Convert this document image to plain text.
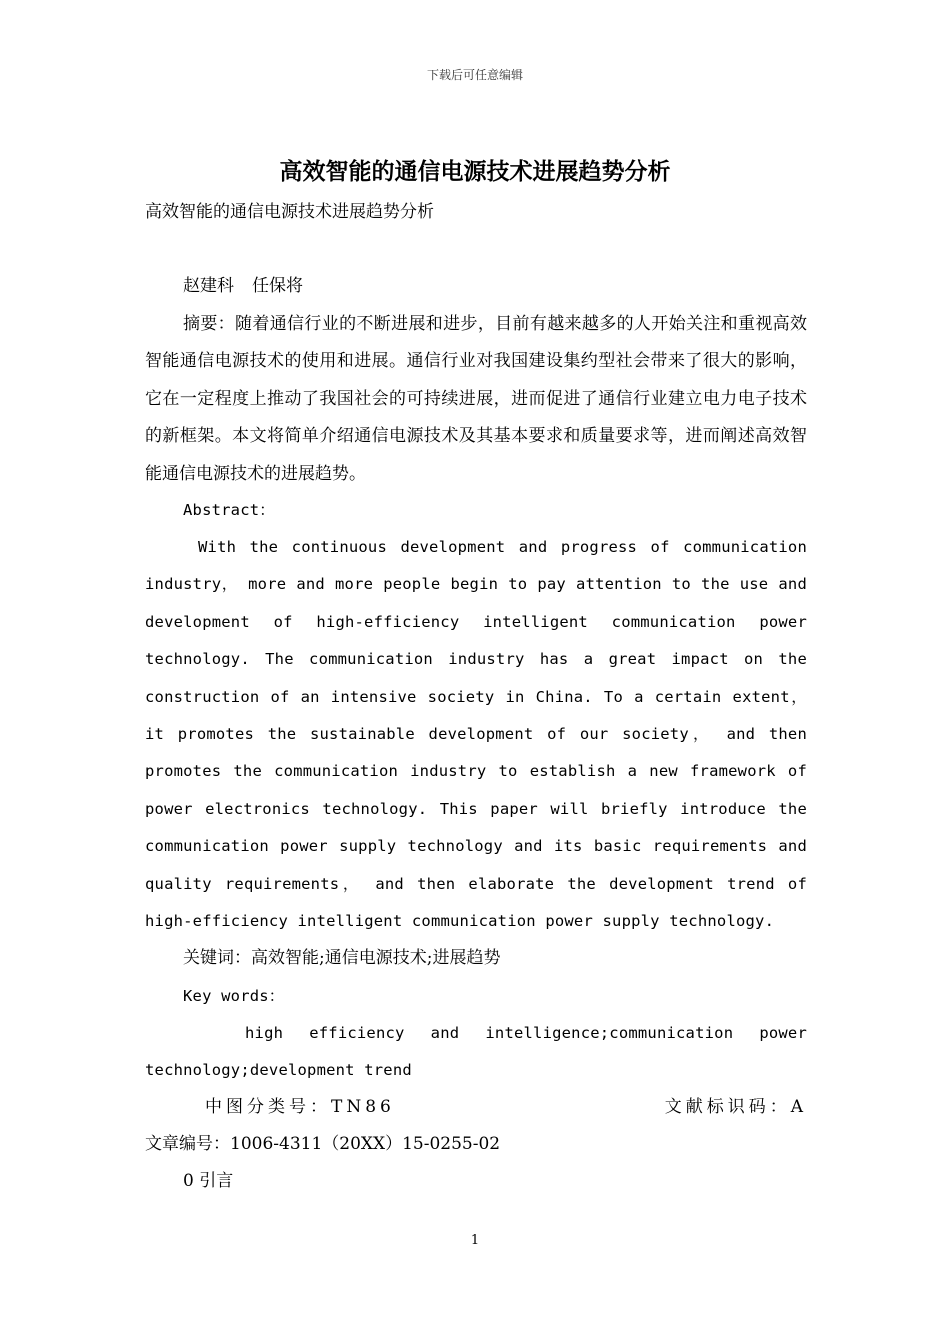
下载后可任意编辑
高效智能的通信电源技术进展趋势分析
高效智能的通信电源技术进展趋势分析
赵建科 任保将
摘要：随着通信行业的不断进展和进步，目前有越来越多的人开始关注和重视高效智能通信电源技术的使用和进展。通信行业对我国建设集约型社会带来了很大的影响，它在一定程度上推动了我国社会的可持续进展，进而促进了通信行业建立电力电子技术的新框架。本文将简单介绍通信电源技术及其基本要求和质量要求等，进而阐述高效智能通信电源技术的进展趋势。
Abstract：
With the continuous development and progress of communication industry， more and more people begin to pay attention to the use and development of high-efficiency intelligent communication power technology. The communication industry has a great impact on the construction of an intensive society in China. To a certain extent， it promotes the sustainable development of our society， and then promotes the communication industry to establish a new framework of power electronics technology. This paper will briefly introduce the communication power supply technology and its basic requirements and quality requirements， and then elaborate the development trend of high-efficiency intelligent communication power supply technology.
关键词：高效智能;通信电源技术;进展趋势
Key words：
high efficiency and intelligence;communication power technology;development trend
中图分类号：TN86	文献标识码：A
文章编号：1006-4311（20XX）15-0255-02
0 引言
1
